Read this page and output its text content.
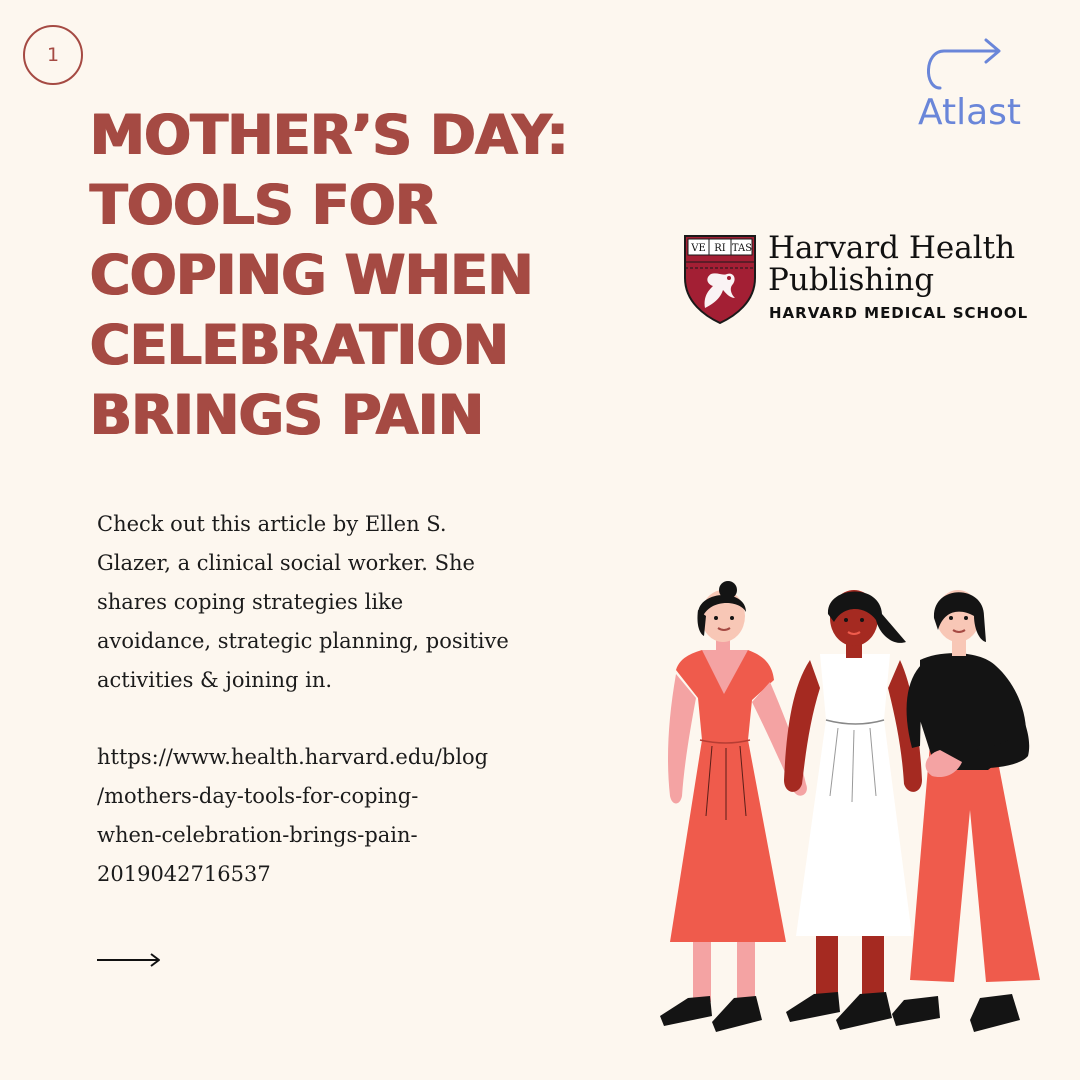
1
MOTHER’S DAY:
TOOLS FOR
COPING WHEN
CELEBRATION
BRINGS PAIN
Atlast
VE RI TAS Harvard Health
Publishing
HARVARD MEDICAL SCHOOL
Check out this article by Ellen S.
Glazer, a clinical social worker. She
shares coping strategies like
avoidance, strategic planning, positive
activities & joining in.
https://www.health.harvard.edu/blog
/mothers-day-tools-for-coping-
when-celebration-brings-pain-
2019042716537
